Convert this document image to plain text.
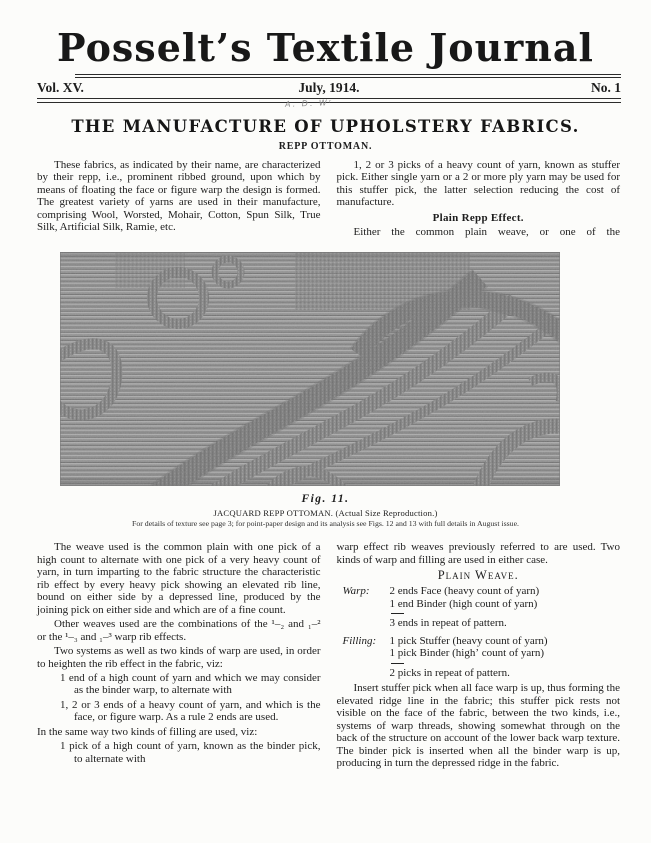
Posselt’s Textile Journal
Vol. XV.	July, 1914.	No. 1
A. D. Wʳ
THE MANUFACTURE OF UPHOLSTERY FABRICS.
REPP OTTOMAN.

These fabrics, as indicated by their name, are characterized by their repp, i.e., prominent ribbed ground, upon which by means of floating the face or figure warp the design is formed. The greatest variety of yarns are used in their manufacture, comprising Wool, Worsted, Mohair, Cotton, Spun Silk, True Silk, Artificial Silk, Ramie, etc.

1, 2 or 3 picks of a heavy count of yarn, known as stuffer pick. Either single yarn or a 2 or more ply yarn may be used for this stuffer pick, the latter selection reducing the cost of manufacture.

Plain Repp Effect.

Either the common plain weave, or one of the

Fig. 11.
JACQUARD REPP OTTOMAN. (Actual Size Reproduction.)
For details of texture see page 3; for point-paper design and its analysis see Figs. 12 and 13 with full details in August issue.

The weave used is the common plain with one pick of a high count to alternate with one pick of a very heavy count of yarn, in turn imparting to the fabric structure the characteristic rib effect by every heavy pick showing an elevated rib line, bound on either side by a depressed line, produced by the joining pick on either side and which are of a fine count.

Other weaves used are the combinations of the ¹–₂ and ₁–² or the ¹–₃ and ₁–³ warp rib effects.

Two systems as well as two kinds of warp are used, in order to heighten the rib effect in the fabric, viz:

1 end of a high count of yarn and which we may consider as the binder warp, to alternate with
1, 2 or 3 ends of a heavy count of yarn, and which is the face, or figure warp. As a rule 2 ends are used.

In the same way two kinds of filling are used, viz:

1 pick of a high count of yarn, known as the binder pick, to alternate with

warp effect rib weaves previously referred to are used. Two kinds of warp and filling are used in either case.

Plain Weave.
Warp:	2 ends Face (heavy count of yarn)
1 end Binder (high count of yarn)
3 ends in repeat of pattern.
Filling:	1 pick Stuffer (heavy count of yarn)
1 pick Binder (highʼ count of yarn)
2 picks in repeat of pattern.

Insert stuffer pick when all face warp is up, thus forming the elevated ridge line in the fabric; this stuffer pick rests not visible on the face of the fabric, between the two kinds, i.e., systems of warp threads, showing somewhat through on the back of the structure on account of the lower back warp texture. The binder pick is inserted when all the binder warp is up, producing in turn the depressed ridge in the fabric.
